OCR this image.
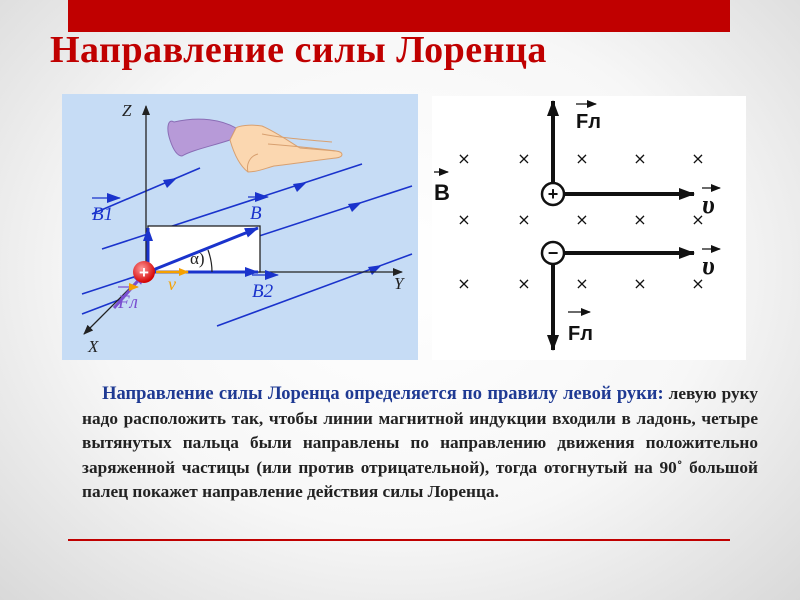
Направление силы Лоренца
Z
Y
X
B1	B
B2
α)
ν
Fл
+
×	×	×	×	×
×	×	×	×	×
×	×	×	×	×
B	+
Fл
υ
−
Fл
υ

Направление силы Лоренца определяется по правилу левой руки: левую руку надо расположить так, чтобы линии магнитной индукции входили в ладонь, четыре вытянутых пальца были направлены по направлению движения положительно заряженной частицы (или против отрицательной), тогда отогнутый на 90˚ большой палец покажет направление действия силы Лоренца.
